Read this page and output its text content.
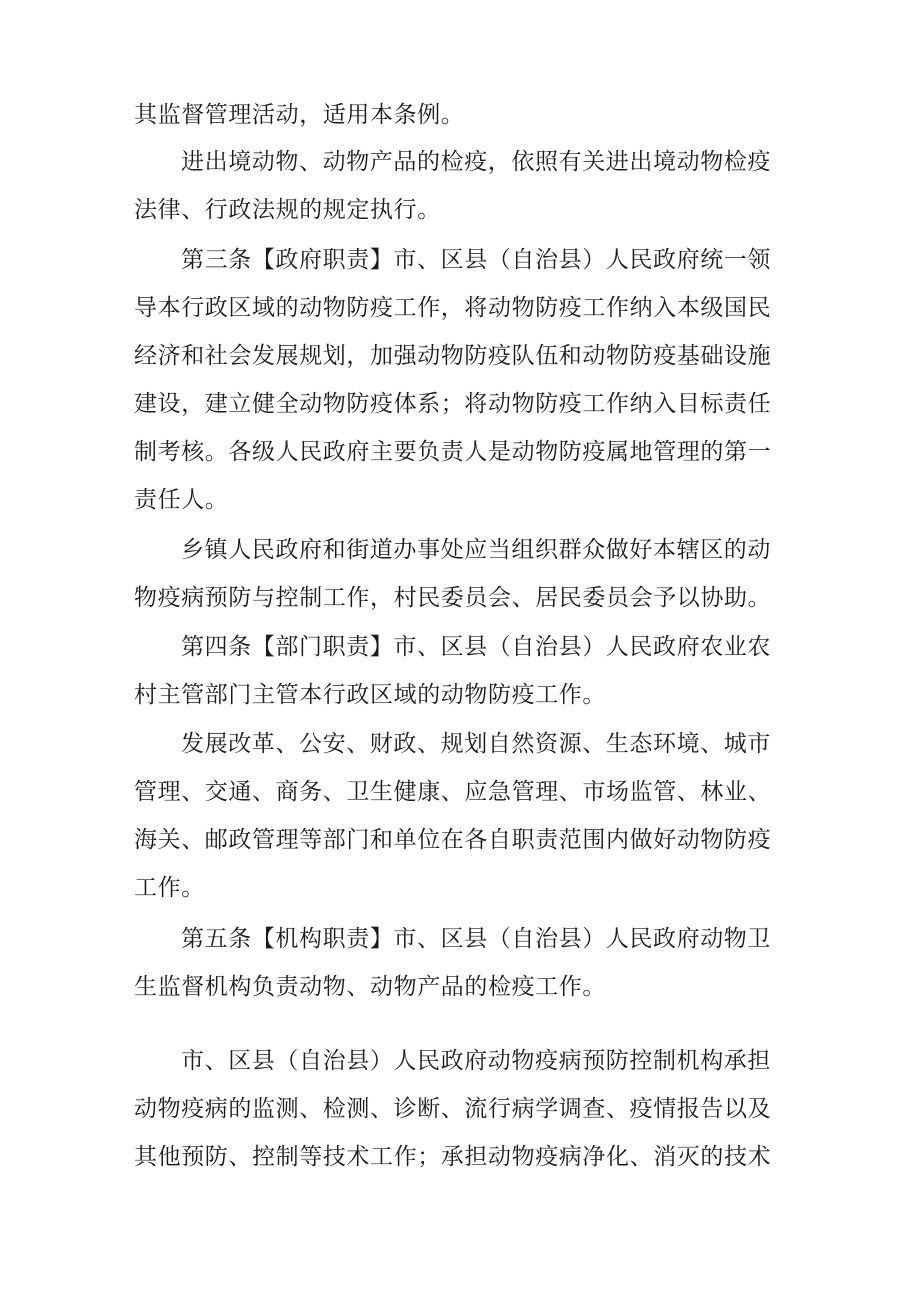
其监督管理活动，适用本条例。
进出境动物、动物产品的检疫，依照有关进出境动物检疫
法律、行政法规的规定执行。
第三条【政府职责】市、区县（自治县）人民政府统一领
导本行政区域的动物防疫工作，将动物防疫工作纳入本级国民
经济和社会发展规划，加强动物防疫队伍和动物防疫基础设施
建设，建立健全动物防疫体系；将动物防疫工作纳入目标责任
制考核。各级人民政府主要负责人是动物防疫属地管理的第一
责任人。
乡镇人民政府和街道办事处应当组织群众做好本辖区的动
物疫病预防与控制工作，村民委员会、居民委员会予以协助。
第四条【部门职责】市、区县（自治县）人民政府农业农
村主管部门主管本行政区域的动物防疫工作。
发展改革、公安、财政、规划自然资源、生态环境、城市
管理、交通、商务、卫生健康、应急管理、市场监管、林业、
海关、邮政管理等部门和单位在各自职责范围内做好动物防疫
工作。
第五条【机构职责】市、区县（自治县）人民政府动物卫
生监督机构负责动物、动物产品的检疫工作。
市、区县（自治县）人民政府动物疫病预防控制机构承担
动物疫病的监测、检测、诊断、流行病学调查、疫情报告以及
其他预防、控制等技术工作；承担动物疫病净化、消灭的技术
